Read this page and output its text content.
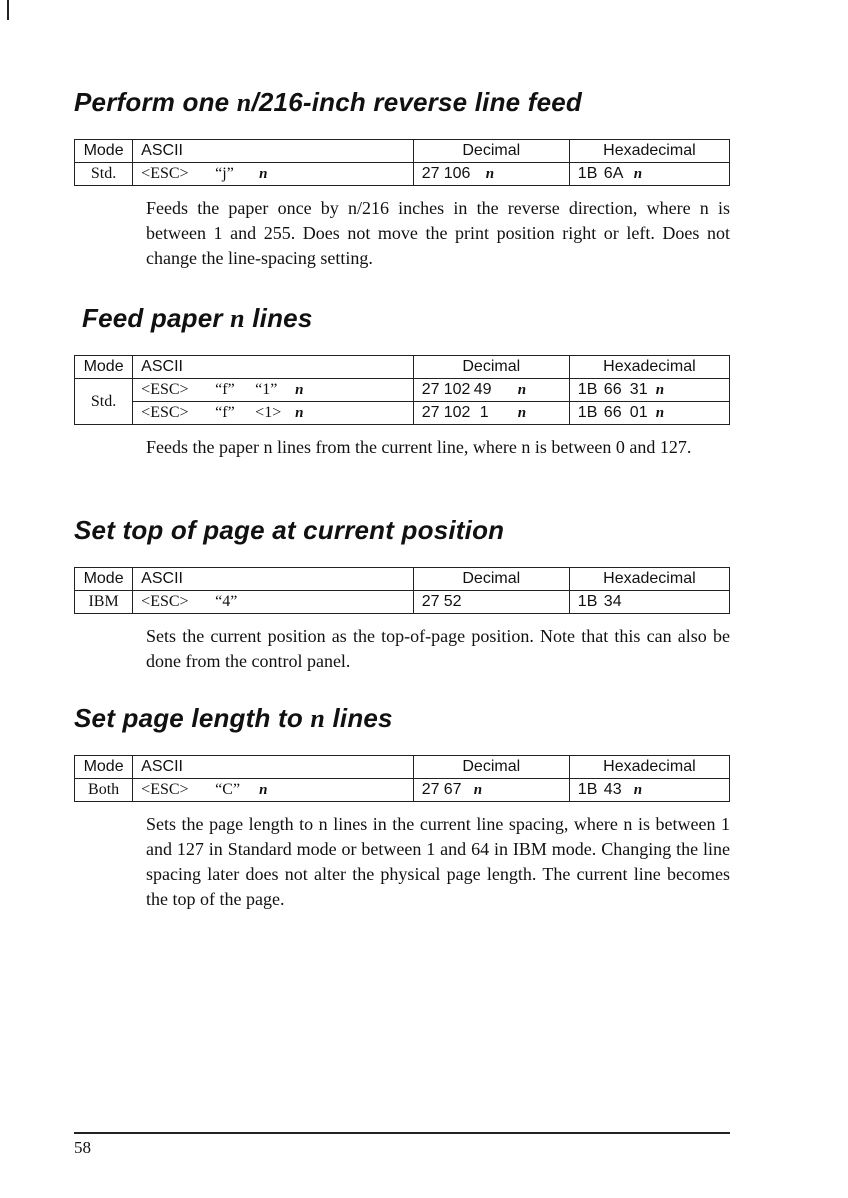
Perform one n/216-inch reverse line feed
Mode	ASCII	Decimal	Hexadecimal
Std.	<ESC> “j” n	27 106 n	1B 6A n

Feeds the paper once by n/216 inches in the reverse direction, where n is between 1 and 255. Does not move the print position right or left. Does not change the line-spacing setting.

Feed paper n lines
Mode	ASCII	Decimal	Hexadecimal
Std.	<ESC> “f” “1” n	27 102 49 n	1B 66 31 n
	<ESC> “f” <1> n	27 102 1 n	1B 66 01 n

Feeds the paper n lines from the current line, where n is between 0 and 127.

Set top of page at current position
Mode	ASCII	Decimal	Hexadecimal
IBM	<ESC> “4”	27 52	1B 34

Sets the current position as the top-of-page position. Note that this can also be done from the control panel.

Set page length to n lines
Mode	ASCII	Decimal	Hexadecimal
Both	<ESC> “C” n	27 67 n	1B 43 n

Sets the page length to n lines in the current line spacing, where n is between 1 and 127 in Standard mode or between 1 and 64 in IBM mode. Changing the line spacing later does not alter the physical page length. The current line becomes the top of the page.

58
